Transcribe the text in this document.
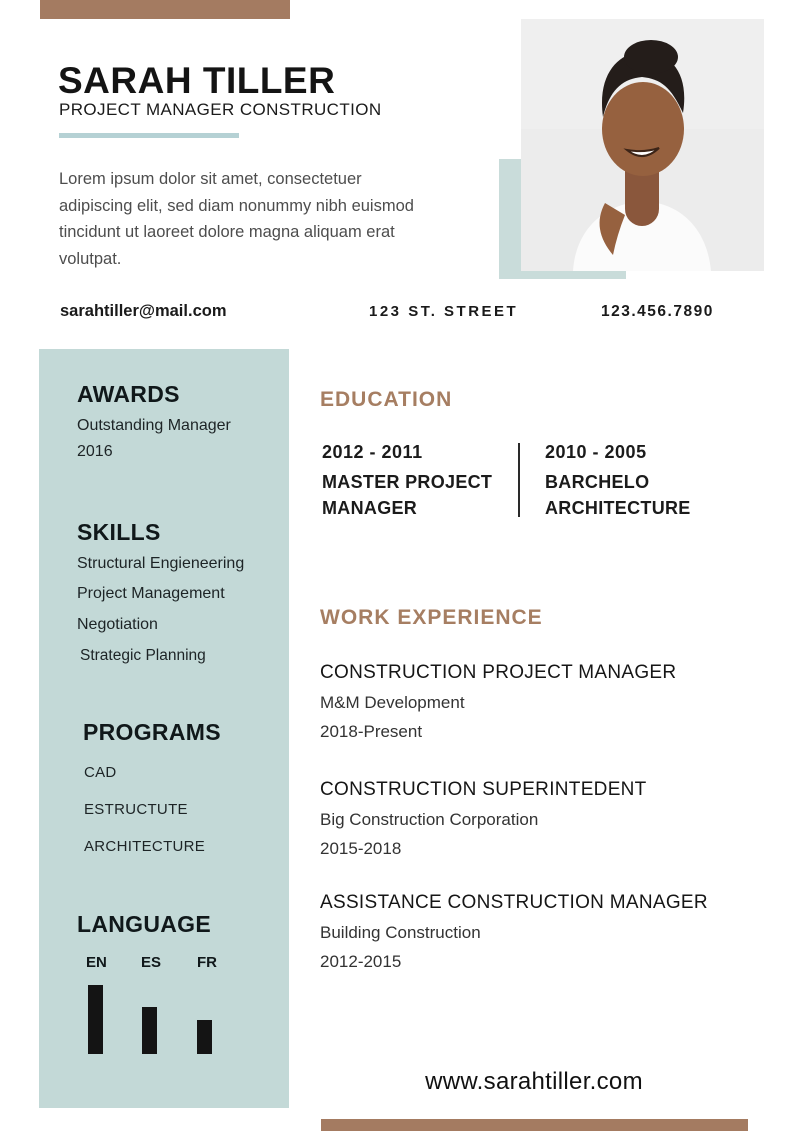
SARAH TILLER
PROJECT MANAGER CONSTRUCTION
Lorem ipsum dolor sit amet, consectetuer adipiscing elit, sed diam nonummy nibh euismod tincidunt ut laoreet dolore magna aliquam erat volutpat.
sarahtiller@mail.com	123 ST. STREET	123.456.7890
AWARDS
Outstanding Manager 2016
SKILLS
Structural Engieneering
Project Management
Negotiation
Strategic Planning
PROGRAMS
CAD
ESTRUCTUTE
ARCHITECTURE
LANGUAGE
EN ES FR
EDUCATION
2012 - 2011
MASTER PROJECT MANAGER
2010 - 2005
BARCHELO ARCHITECTURE
WORK EXPERIENCE
CONSTRUCTION PROJECT MANAGER
M&M Development
2018-Present
CONSTRUCTION SUPERINTEDENT
Big Construction Corporation
2015-2018
ASSISTANCE CONSTRUCTION MANAGER
Building Construction
2012-2015
www.sarahtiller.com
